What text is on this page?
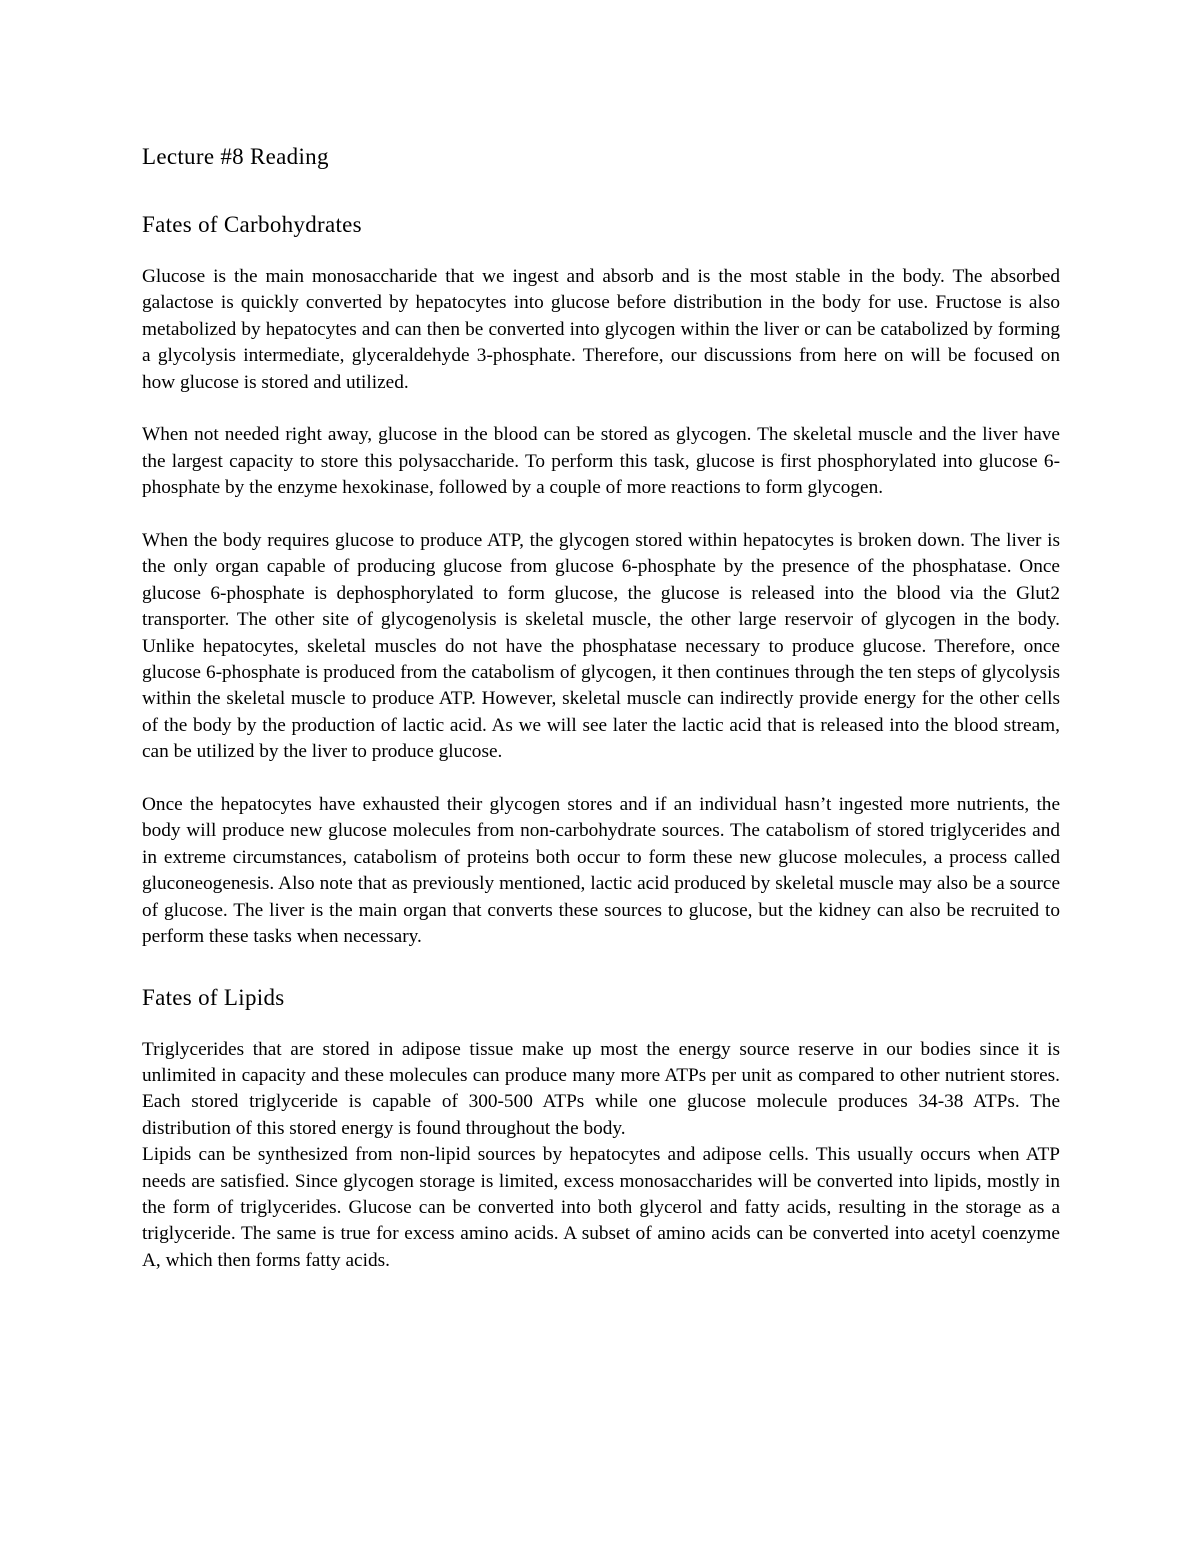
Lecture #8 Reading
Fates of Carbohydrates

Glucose is the main monosaccharide that we ingest and absorb and is the most stable in the body. The absorbed galactose is quickly converted by hepatocytes into glucose before distribution in the body for use. Fructose is also metabolized by hepatocytes and can then be converted into glycogen within the liver or can be catabolized by forming a glycolysis intermediate, glyceraldehyde 3-phosphate. Therefore, our discussions from here on will be focused on how glucose is stored and utilized.

When not needed right away, glucose in the blood can be stored as glycogen. The skeletal muscle and the liver have the largest capacity to store this polysaccharide. To perform this task, glucose is first phosphorylated into glucose 6-phosphate by the enzyme hexokinase, followed by a couple of more reactions to form glycogen.

When the body requires glucose to produce ATP, the glycogen stored within hepatocytes is broken down. The liver is the only organ capable of producing glucose from glucose 6-phosphate by the presence of the phosphatase. Once glucose 6-phosphate is dephosphorylated to form glucose, the glucose is released into the blood via the Glut2 transporter. The other site of glycogenolysis is skeletal muscle, the other large reservoir of glycogen in the body. Unlike hepatocytes, skeletal muscles do not have the phosphatase necessary to produce glucose. Therefore, once glucose 6-phosphate is produced from the catabolism of glycogen, it then continues through the ten steps of glycolysis within the skeletal muscle to produce ATP. However, skeletal muscle can indirectly provide energy for the other cells of the body by the production of lactic acid. As we will see later the lactic acid that is released into the blood stream, can be utilized by the liver to produce glucose.

Once the hepatocytes have exhausted their glycogen stores and if an individual hasn’t ingested more nutrients, the body will produce new glucose molecules from non-carbohydrate sources. The catabolism of stored triglycerides and in extreme circumstances, catabolism of proteins both occur to form these new glucose molecules, a process called gluconeogenesis. Also note that as previously mentioned, lactic acid produced by skeletal muscle may also be a source of glucose. The liver is the main organ that converts these sources to glucose, but the kidney can also be recruited to perform these tasks when necessary.

Fates of Lipids

Triglycerides that are stored in adipose tissue make up most the energy source reserve in our bodies since it is unlimited in capacity and these molecules can produce many more ATPs per unit as compared to other nutrient stores. Each stored triglyceride is capable of 300-500 ATPs while one glucose molecule produces 34-38 ATPs. The distribution of this stored energy is found throughout the body.

Lipids can be synthesized from non-lipid sources by hepatocytes and adipose cells. This usually occurs when ATP needs are satisfied. Since glycogen storage is limited, excess monosaccharides will be converted into lipids, mostly in the form of triglycerides. Glucose can be converted into both glycerol and fatty acids, resulting in the storage as a triglyceride. The same is true for excess amino acids. A subset of amino acids can be converted into acetyl coenzyme A, which then forms fatty acids.
